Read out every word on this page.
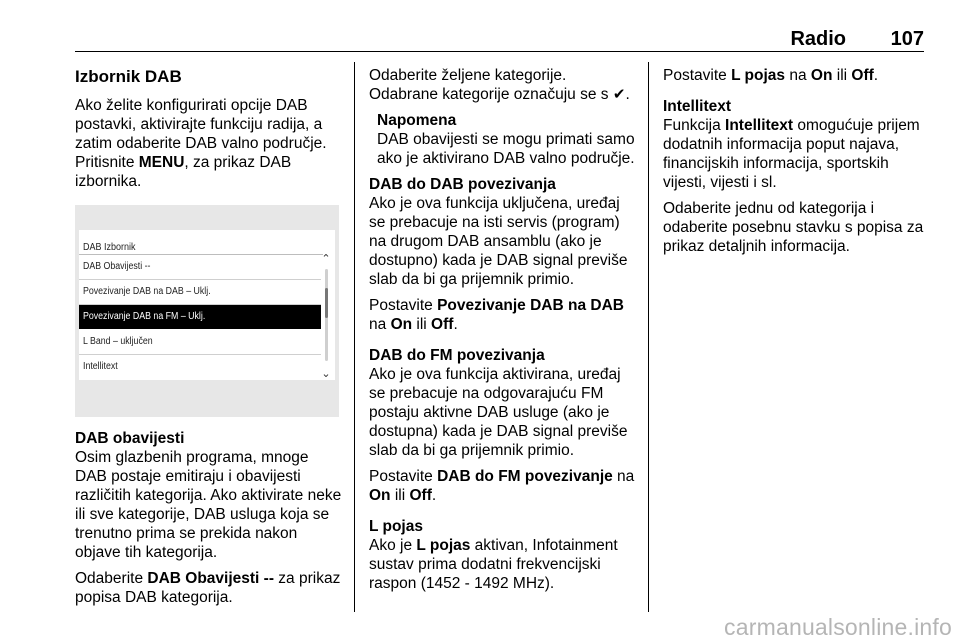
Radio 107
Izbornik DAB

Ako želite konfigurirati opcije DAB postavki, aktivirajte funkciju radija, a zatim odaberite DAB valno područje. Pritisnite MENU, za prikaz DAB izbornika.

DAB Izbornik
DAB Obavijesti --
Povezivanje DAB na DAB – Uklj.
Povezivanje DAB na FM – Uklj.
L Band – uključen
Intellitext
⌃
⌄
DAB obavijesti

Osim glazbenih programa, mnoge DAB postaje emitiraju i obavijesti različitih kategorija. Ako aktivirate neke ili sve kategorije, DAB usluga koja se trenutno prima se prekida nakon objave tih kategorija.

Odaberite DAB Obavijesti -- za prikaz popisa DAB kategorija.

Odaberite željene kategorije. Odabrane kategorije označuju se s ✔.

Napomena

DAB obavijesti se mogu primati samo ako je aktivirano DAB valno područje.

DAB do DAB povezivanja

Ako je ova funkcija uključena, uređaj se prebacuje na isti servis (program) na drugom DAB ansamblu (ako je dostupno) kada je DAB signal previše slab da bi ga prijemnik primio.

Postavite Povezivanje DAB na DAB na On ili Off.

DAB do FM povezivanja

Ako je ova funkcija aktivirana, uređaj se prebacuje na odgovarajuću FM postaju aktivne DAB usluge (ako je dostupna) kada je DAB signal previše slab da bi ga prijemnik primio.

Postavite DAB do FM povezivanje na On ili Off.

L pojas

Ako je L pojas aktivan, Infotainment sustav prima dodatni frekvencijski raspon (1452 - 1492 MHz).

Postavite L pojas na On ili Off.

Intellitext

Funkcija Intellitext omogućuje prijem dodatnih informacija poput najava, financijskih informacija, sportskih vijesti, vijesti i sl.

Odaberite jednu od kategorija i odaberite posebnu stavku s popisa za prikaz detaljnih informacija.

carmanualsonline.info
